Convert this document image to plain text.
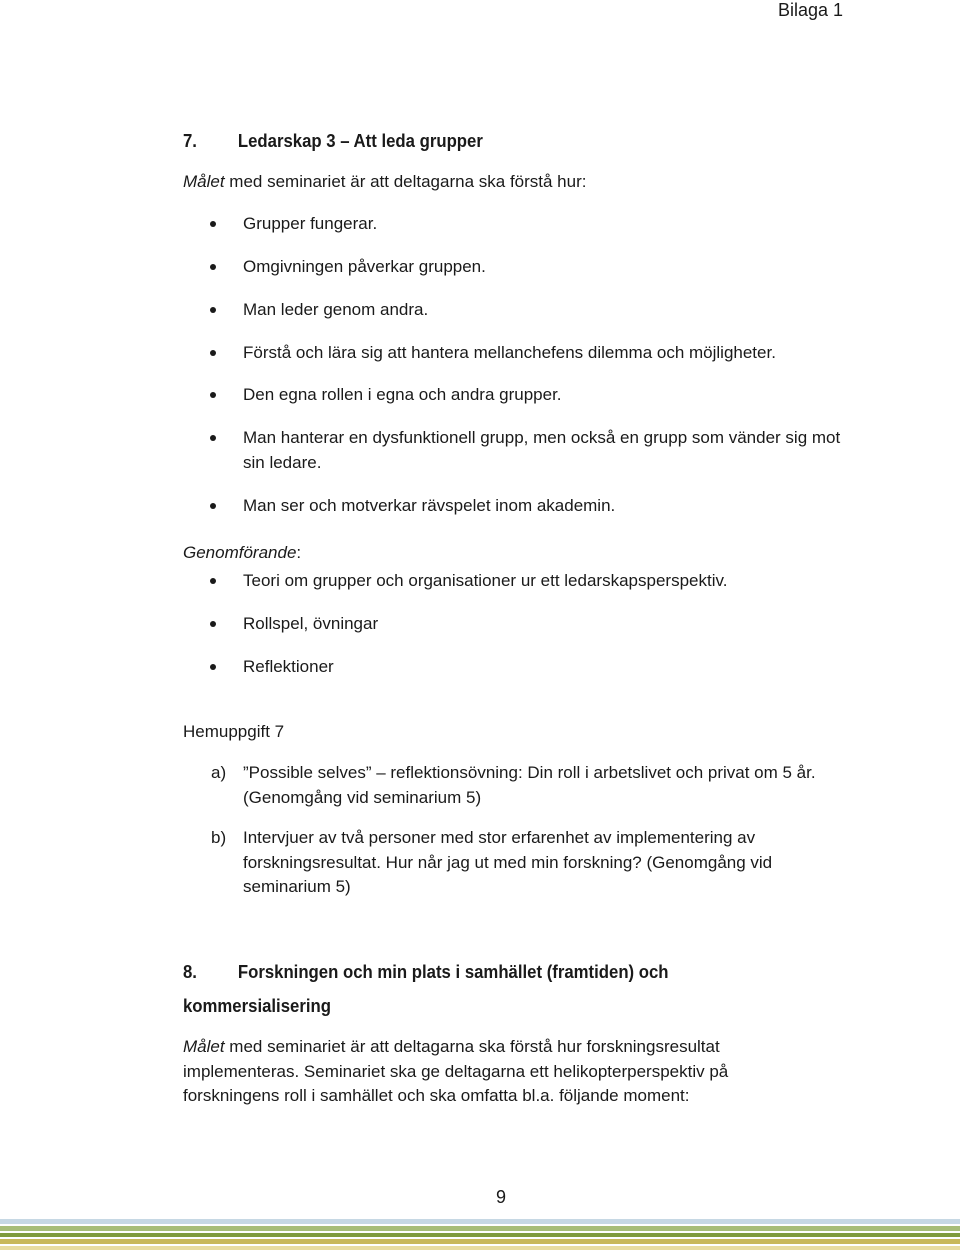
Bilaga 1
7. Ledarskap 3 – Att leda grupper
Målet med seminariet är att deltagarna ska förstå hur:
Grupper fungerar.
Omgivningen påverkar gruppen.
Man leder genom andra.
Förstå och lära sig att hantera mellanchefens dilemma och möjligheter.
Den egna rollen i egna och andra grupper.
Man hanterar en dysfunktionell grupp, men också en grupp som vänder sig mot sin ledare.
Man ser och motverkar rävspelet inom akademin.
Genomförande:
Teori om grupper och organisationer ur ett ledarskapsperspektiv.
Rollspel, övningar
Reflektioner
Hemuppgift 7
a) ”Possible selves” – reflektionsövning: Din roll i arbetslivet och privat om 5 år. (Genomgång vid seminarium 5)
b) Intervjuer av två personer med stor erfarenhet av implementering av forskningsresultat. Hur når jag ut med min forskning? (Genomgång vid seminarium 5)
8. Forskningen och min plats i samhället (framtiden) och
kommersialisering
Målet med seminariet är att deltagarna ska förstå hur forskningsresultat implementeras. Seminariet ska ge deltagarna ett helikopterperspektiv på forskningens roll i samhället och ska omfatta bl.a. följande moment:
9
